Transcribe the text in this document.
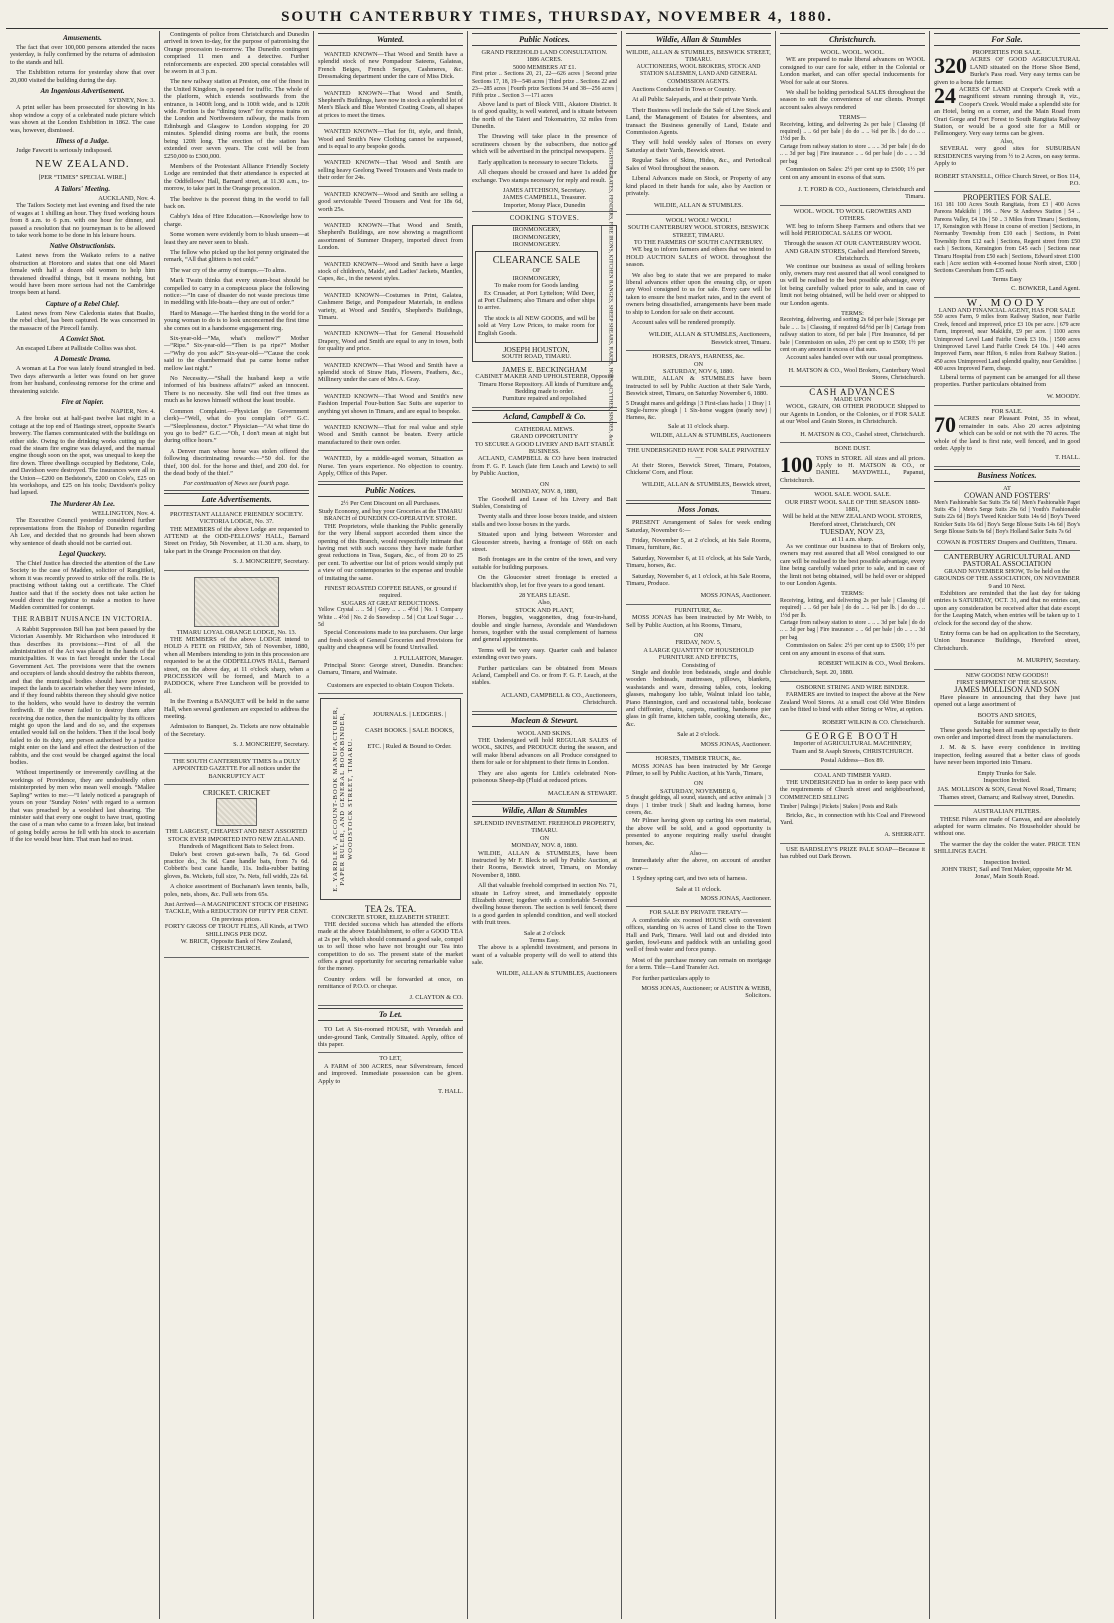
SOUTH CANTERBURY TIMES, THURSDAY, NOVEMBER 4, 1880.
Amusements.

The fact that over 100,000 persons attended the races yesterday, is fully confirmed by the returns of admission to the stands and hill.

The Exhibition returns for yesterday show that over 20,000 visited the building during the day.

An Ingenious Advertisement.
SYDNEY, Nov. 3.

A print seller has been prosecuted for showing in his shop window a copy of a celebrated nude picture which was shown at the London Exhibition in 1862. The case was, however, dismissed.

Illness of a Judge.

Judge Fawcett is seriously indisposed.

NEW ZEALAND.
[PER “TIMES” SPECIAL WIRE.]
A Tailors' Meeting.
AUCKLAND, Nov. 4.

The Tailors Society met last evening and fixed the rate of wages at 1 shilling an hour. They fixed working hours from 8 a.m. to 6 p.m. with one hour for dinner, and passed a resolution that no journeyman is to be allowed to take work home to be done in his leisure hours.

Native Obstructionists.

Latest news from the Waikato refers to a native obstruction at Horotoro and states that one old Maori female with half a dozen old women to help him threatened dreadful things, but it means nothing, but would have been more serious had not the Cambridge troops been at hand.

Capture of a Rebel Chief.

Latest news from New Caledonia states that Bualio, the rebel chief, has been captured. He was concerned in the massacre of the Pirecell family.

A Convict Shot.

An escaped Libere at Palliside Colliss was shot.

A Domestic Drama.

A woman at La Foe was lately found strangled in bed. Two days afterwards a letter was found on her grave from her husband, confessing remorse for the crime and threatening suicide.

Fire at Napier.
NAPIER, Nov. 4.

A fire broke out at half-past twelve last night in a cottage at the top end of Hastings street, opposite Swan's brewery. The flames communicated with the buildings on either side. Owing to the drinking works cutting up the road the steam fire engine was delayed, and the manual engine though soon on the spot, was unequal to keep the fire down. Three dwellings occupied by Bedstone, Cole, and Davidson were destroyed. The insurances were all in the Union—£200 on Bedstone's, £200 on Cole's, £25 on his workshops, and £25 on his tools; Davidson's policy had lapsed.

The Murderer Ah Lee.
WELLINGTON, Nov. 4.

The Executive Council yesterday considered further representations from the Bishop of Dunedin regarding Ah Lee, and decided that no grounds had been shown why sentence of death should not be carried out.

Legal Quackery.

The Chief Justice has directed the attention of the Law Society to the case of Madden, solicitor of Rangitikei, whom it was recently proved to strike off the rolls. He is practising without taking out a certificate. The Chief Justice said that if the society does not take action he would direct the registrar to make a motion to have Madden committed for contempt.

THE RABBIT NUISANCE IN VICTORIA.

A Rabbit Suppression Bill has just been passed by the Victorian Assembly. Mr Richardson who introduced it thus describes its provisions:—First of all the administration of the Act was placed in the hands of the municipalities. It was in fact brought under the Local Government Act. The provisions were that the owners and occupiers of lands should destroy the rabbits thereon, and that the municipal bodies should have power to inspect the lands to ascertain whether they were infested, and if they found rabbits thereon they should give notice to the holders, who would have to destroy the vermin forthwith. If the owner failed to destroy them after receiving due notice, then the municipality by its officers might go upon the land and do so, and the expenses entailed would fall on the holders. Then if the local body failed to do its duty, any person authorised by a justice might enter on the land and effect the destruction of the rabbits, and the cost would be charged against the local bodies.

Without impertinently or irreverently cavilling at the workings of Providence, they are undoubtedly often misinterpreted by men who mean well enough. “Mallee Sapling” writes to me:—“I lately noticed a paragraph of yours on your ‘Sunday Notes’ with regard to a sermon that was preached by a woolshed last shearing. The minister said that every one ought to have trust, quoting the case of a man who came to a frozen lake, but instead of going boldly across he fell with his stock to ascertain if the ice would bear him. That man had no trust.

Contingents of police from Christchurch and Dunedin arrived in town to-day, for the purpose of patronising the Orange procession to-morrow. The Dunedin contingent comprised 11 men and a detective. Further reinforcements are expected. 200 special constables will be sworn in at 3 p.m.

The new railway station at Preston, one of the finest in the United Kingdom, is opened for traffic. The whole of the platform, which extends southwards from the entrance, is 1400ft long, and is 100ft wide, and is 120ft wide. Portion is the “dining town” for express trains on the London and Northwestern railway, the mails from Edinburgh and Glasgow to London stopping for 20 minutes. Splendid dining rooms are built, the rooms being 120ft long. The erection of the station has extended over seven years. The cost will be from £250,000 to £300,000.

Members of the Protestant Alliance Friendly Society Lodge are reminded that their attendance is expected at the Oddfellows' Hall, Barnard street, at 11.30 a.m., to-morrow, to take part in the Orange procession.

The beehive is the poorest thing in the world to fall back on.

Cabby's Idea of Hire Education.—Knowledge how to charge.

Some women were evidently born to blush unseen—at least they are never seen to blush.

The fellow who picked up the hot penny originated the remark, “All that glitters is not cold.”

The war cry of the army of tramps.—To alms.

Mark Twain thinks that every steam-boat should be compelled to carry in a conspicuous place the following notice:—“In case of disaster do not waste precious time in meddling with life-boats—they are out of order.”

Hard to Manage.—The hardest thing in the world for a young woman to do is to look unconcerned the first time she comes out in a handsome engagement ring.

Six-year-old—“Ma, what's mellow?” Mother—“Ripe.” Six-year-old—“Then is pa ripe?” Mother—“Why do you ask?” Six-year-old—“'Cause the cook said to the chambermaid that pa came home rather mellow last night.”

No Necessity.—“Shall the husband keep a wife informed of his business affairs?” asked an innocent. There is no necessity. She will find out five times as much as he knows himself without the least trouble.

Common Complaint.—Physician (to Government clerk)—“Well, what do you complain of?” G.C.—“Sleeplessness, doctor.” Physician—“At what time do you go to bed?” G.C.—“Oh, I don't mean at night but during office hours.”

A Denver man whose horse was stolen offered the following discriminating rewards:—“50 dol. for the thief, 100 dol. for the horse and thief, and 200 dol. for the dead body of the thief.”

For continuation of News see fourth page.
Late Advertisements.
PROTESTANT ALLIANCE FRIENDLY SOCIETY.
VICTORIA LODGE, No. 37.

THE MEMBERS of the above Lodge are requested to ATTEND at the ODD-FELLOWS' HALL, Barnard Street on Friday, 5th November, at 11.30 a.m. sharp, to take part in the Orange Procession on that day.

S. J. MONCRIEFF, Secretary.
TIMARU LOYAL ORANGE LODGE, No. 13.

THE MEMBERS of the above LODGE intend to HOLD A FETE on FRIDAY, 5th of November, 1880, when all Members intending to join in this procession are requested to be at the ODDFELLOWS HALL, Barnard street, on the above day, at 11 o'clock sharp, when a PROCESSION will be formed, and March to a PADDOCK, where Free Luncheon will be provided to all.

In the Evening a BANQUET will be held in the same Hall, when several gentlemen are expected to address the meeting.

Admission to Banquet, 2s. Tickets are now obtainable of the Secretary.

S. J. MONCRIEFF, Secretary.
THE SOUTH CANTERBURY TIMES Is a DULY APPOINTED GAZETTE For all notices under the BANKRUPTCY ACT
CRICKET. CRICKET
THE LARGEST, CHEAPEST AND BEST ASSORTED STOCK EVER IMPORTED INTO NEW ZEALAND.
Hundreds of Magnificent Bats to Select from.

Duke's best crown gut-sewn balls, 7s 6d. Good practice do., 3s 6d. Cane handle bats, from 7s 6d. Cobbett's best cane handle, 11s. India-rubber batting gloves, 8s. Wickets, full size, 7s. Nets, full width, 22s 6d.

A choice assortment of Buchanan's lawn tennis, balls, poles, nets, shoes, &c. Full sets from 65s.

Just Arrived—A MAGNIFICENT STOCK OF FISHING TACKLE, With a REDUCTION OF FIFTY PER CENT. On previous prices.
FORTY GROSS OF TROUT FLIES, All Kinds, at TWO SHILLINGS PER DOZ.
W. BRICE, Opposite Bank of New Zealand, CHRISTCHURCH.
Wanted.

WANTED KNOWN—That Wood and Smith have a splendid stock of new Pompadour Sateens, Galateas, French Beiges, French Serges, Cashmeres, &c. Dressmaking department under the care of Miss Dick.

WANTED KNOWN—That Wood and Smith, Shepherd's Buildings, have now in stock a splendid lot of Men's Black and Blue Worsted Coating Coats, all shapes at prices to meet the times.

WANTED KNOWN—That for fit, style, and finish, Wood and Smith's New Clothing cannot be surpassed, and is equal to any bespoke goods.

WANTED KNOWN—That Wood and Smith are selling heavy Geelong Tweed Trousers and Vests made to their order for 24s.

WANTED KNOWN—Wood and Smith are selling a good serviceable Tweed Trousers and Vest for 18s 6d, worth 25s.

WANTED KNOWN—That Wood and Smith, Shepherd's Buildings, are now showing a magnificent assortment of Summer Drapery, imported direct from London.

WANTED KNOWN—Wood and Smith have a large stock of children's, Maids', and Ladies' Jackets, Mantles, Capes, &c., in the newest styles.

WANTED KNOWN—Costumes in Print, Galatea, Cashmere Beige, and Pompadour Materials, in endless variety, at Wood and Smith's, Shepherd's Buildings, Timaru.

WANTED KNOWN—That for General Household Drapery, Wood and Smith are equal to any in town, both for quality and price.

WANTED KNOWN—That Wood and Smith have a splendid stock of Straw Hats, Flowers, Feathers, &c., Millinery under the care of Mrs A. Gray.

WANTED KNOWN—That Wood and Smith's new Fashion Imperial Four-button Sac Suits are superior to anything yet shown in Timaru, and are equal to bespoke.

WANTED KNOWN—That for real value and style Wood and Smith cannot be beaten. Every article manufactured to their own order.

WANTED, by a middle-aged woman, Situation as Nurse. Ten years experience. No objection to country. Apply, Office of this Paper.

Public Notices.
2½ Per Cent Discount on all Purchases.
Study Economy, and buy your Groceries at the TIMARU BRANCH of DUNEDIN CO-OPERATIVE STORE.

THE Proprietors, while thanking the Public generally for the very liberal support accorded them since the opening of this Branch, would respectfully intimate that having met with such success they have made further great reductions in Teas, Sugars, &c., of from 20 to 25 per cent. To advertise our list of prices would simply put a view of our contemporaries to the expense and trouble of imitating the same.

FINEST ROASTED COFFEE BEANS, or ground if required.
SUGARS AT GREAT REDUCTIONS.
Yellow Crystal .. .. 5d | Grey .. .. .. 4½d | No. 1 Company White .. 4½d | No. 2 do Snowdrop .. 5d | Cut Loaf Sugar .. .. 5d

Special Concessions made to tea purchasers. Our large and fresh stock of General Groceries and Provisions for quality and cheapness will be found Unrivalled.

J. FULLARTON, Manager.

Principal Store: George street, Dunedin. Branches: Oamaru, Timaru, and Waimate.

Customers are expected to obtain Coupon Tickets.
E. YARDLEY, ACCOUNT-BOOK MANUFACTURER, PAPER RULER, AND GENERAL BOOKBINDER, WOODSTOCK STREET, TIMARU.
JOURNALS. | LEDGERS. | CASH BOOKS. | SALE BOOKS, ETC. | Ruled & Bound to Order.
TEA 2s. TEA.
CONCRETE STORE, ELIZABETH STREET.

THE decided success which has attended the efforts made at the above Establishment, to offer a GOOD TEA at 2s per lb, which should command a good sale, compel us to sell those who have not brought our Tea into competition to do so. The present state of the market offers a great opportunity for securing remarkable value for the money.

Country orders will be forwarded at once, on remittance of P.O.O. or cheque.

J. CLAYTON & CO.
To Let.

TO Let A Six-roomed HOUSE, with Verandah and under-ground Tank, Centrally Situated. Apply, office of this paper.

TO LET,

A FARM of 300 ACRES, near Silverstream, fenced and improved. Immediate possession can be given. Apply to

T. HALL.
Public Notices.
GRAND FREEHOLD LAND CONSULTATION.
1886 ACRES.
5000 MEMBERS AT £1.
First prize .. Sections 20, 21, 22—626 acres | Second prize Sections 17, 18, 19—548 acres | Third prize .. Sections 22 and 23—285 acres | Fourth prize Sections 34 and 38—256 acres | Fifth prize .. Section 3 —171 acres

Above land is part of Block VIII., Akatore District. It is of good quality, is well watered, and is situate between the north of the Taieri and Tokomairiro, 32 miles from Dunedin.

The Drawing will take place in the presence of scrutineers chosen by the subscribers, due notice of which will be advertised in the principal newspapers.

Early application is necessary to secure Tickets.

All cheques should be crossed and have 1s added for exchange. Two stamps necessary for reply and result.

JAMES AITCHISON, Secretary.
JAMES CAMPBELL, Treasurer.
Importer, Moray Place, Dunedin
COOKING STOVES.
IRONMONGERY,
IRONMONGERY,
IRONMONGERY.
CLEARANCE SALE
OF
IRONMONGERY,
To make room for Goods landing

Ex Crusader, at Port Lyttelton; Wild Deer, at Port Chalmers; also Timaru and other ships to arrive.

The stock is all NEW GOODS, and will be sold at Very Low Prices, to make room for English Goods.

JOSEPH HOUSTON,
SOUTH ROAD, TIMARU.	REGISTER GRATES, FENDERS, FIRE IRONS, KITCHEN RANGES, SHEEP SHEARS, RAKES, HOES, SCYTHES, SPADES, &c.
JAMES E. BECKINGHAM
CABINET MAKER AND UPHOLSTERER, Opposite Timaru Horse Repository. All kinds of Furniture and Bedding made to order.
Furniture repaired and repolished
Acland, Campbell & Co.
CATHEDRAL MEWS.
GRAND OPPORTUNITY
TO SECURE A GOOD LIVERY AND BAIT STABLE BUSINESS.

ACLAND, CAMPBELL & CO have been instructed from F. G. F. Leach (late firm Leach and Lewis) to sell by Public Auction,

ON
MONDAY, NOV. 8, 1880,

The Goodwill and Lease of his Livery and Bait Stables, Consisting of

Twenty stalls and three loose boxes inside, and sixteen stalls and two loose boxes in the yards.

Situated upon and lying between Worcester and Gloucester streets, having a frontage of 66ft on each street.

Both frontages are in the centre of the town, and very suitable for building purposes.

On the Gloucester street frontage is erected a blacksmith's shop, let for five years to a good tenant.

28 YEARS LEASE.
Also,
STOCK AND PLANT,

Horses, buggies, waggonettes, drag four-in-hand, double and single harness, Avondale and Wandsdown horses, together with the usual complement of harness and general appointments.

Terms will be very easy. Quarter cash and balance extending over two years.

Further particulars can be obtained from Messrs Acland, Campbell and Co. or from F. G. F. Leach, at the stables.

ACLAND, CAMPBELL & CO., Auctioneers, Christchurch.
Maclean & Stewart.
WOOL AND SKINS.

THE Undersigned will hold REGULAR SALES of WOOL, SKINS, and PRODUCE during the season, and will make liberal advances on all Produce consigned to them for sale or for shipment to their firms in London.

They are also agents for Little's celebrated Non-poisonous Sheep-dip (Fluid at reduced prices.

MACLEAN & STEWART.
Wildie, Allan & Stumbles
SPLENDID INVESTMENT. FREEHOLD PROPERTY, TIMARU.
ON
MONDAY, NOV. 8, 1880.

WILDIE, ALLAN & STUMBLES, have been instructed by Mr F. Bleck to sell by Public Auction, at their Rooms, Beswick street, Timaru, on Monday November 8, 1880.

All that valuable freehold comprised in section No. 71, situate in Lefroy street, and immediately opposite Elizabeth street; together with a comfortable 5-roomed dwelling house thereon. The section is well fenced; there is a good garden in splendid condition, and well stocked with fruit trees.

Sale at 2 o'clock
Terms Easy.

The above is a splendid investment, and persons in want of a valuable property will do well to attend this sale.

WILDIE, ALLAN & STUMBLES, Auctioneers
Wildie, Allan & Stumbles
WILDIE, ALLAN & STUMBLES, BESWICK STREET, TIMARU.
AUCTIONEERS, WOOL BROKERS, STOCK AND STATION SALESMEN, LAND AND GENERAL COMMISSION AGENTS.

Auctions Conducted in Town or Country.

At all Public Saleyards, and at their private Yards.

Their Business will include the Sale of Live Stock and Land, the Management of Estates for absentees, and transact the Business generally of Land, Estate and Commission Agents.

They will hold weekly sales of Horses on every Saturday at their Yards, Beswick street.

Regular Sales of Skins, Hides, &c., and Periodical Sales of Wool throughout the season.

Liberal Advances made on Stock, or Property of any kind placed in their hands for sale, also by Auction or privately.

WILDIE, ALLAN & STUMBLES.
WOOL! WOOL! WOOL!
SOUTH CANTERBURY WOOL STORES, BESWICK STREET, TIMARU.
TO THE FARMERS OF SOUTH CANTERBURY.

WE beg to inform farmers and others that we intend to HOLD AUCTION SALES of WOOL throughout the season.

We also beg to state that we are prepared to make liberal advances either upon the ensuing clip, or upon any Wool consigned to us for sale. Every care will be taken to ensure the best market rates, and in the event of owners being dissatisfied, arrangements have been made to ship to London for sale on their account.

Account sales will be rendered promptly.

WILDIE, ALLAN & STUMBLES, Auctioneers, Beswick street, Timaru.
HORSES, DRAYS, HARNESS, &c.
ON
SATURDAY, NOV 6, 1880.

WILDIE, ALLAN & STUMBLES have been instructed to sell by Public Auction at their Sale Yards, Beswick street, Timaru, on Saturday November 6, 1880.

5 Draught mares and geldings | 3 First-class hacks | 1 Dray | 1 Single-furrow plough | 1 Six-horse waggon (nearly new) | Harness, &c.
Sale at 11 o'clock sharp.
WILDIE, ALLAN & STUMBLES, Auctioneers
THE UNDERSIGNED HAVE FOR SALE PRIVATELY—

At their Stores, Beswick Street, Timaru, Potatoes, Chickens' Corn, and Flour.

WILDIE, ALLAN & STUMBLES, Beswick street, Timaru.
Moss Jonas.

PRESENT Arrangement of Sales for week ending Saturday, November 6:—

Friday, November 5, at 2 o'clock, at his Sale Rooms, Timaru, furniture, &c.

Saturday, November 6, at 11 o'clock, at his Sale Yards, Timaru, horses, &c.

Saturday, November 6, at 1 o'clock, at his Sale Rooms, Timaru, Produce.

MOSS JONAS, Auctioneer.
FURNITURE, &c.

MOSS JONAS has been instructed by Mr Webb, to Sell by Public Auction, at his Rooms, Timaru,

ON
FRIDAY, NOV. 5,
A LARGE QUANTITY OF HOUSEHOLD FURNITURE AND EFFECTS,
Consisting of

Single and double iron bedsteads, single and double wooden bedsteads, mattresses, pillows, blankets, washstands and ware, dressing tables, cots, looking glasses, mahogany loo table, Walnut inlaid loo table, Piano Hannington, card and occasional table, bookcase and chiffonier, chairs, carpets, matting, handsome pier glass in gilt frame, kitchen table, cooking utensils, &c., &c.

Sale at 2 o'clock.
MOSS JONAS, Auctioneer.
HORSES, TIMBER TRUCK, &c.

MOSS JONAS has been instructed by Mr George Pilmer, to sell by Public Auction, at his Yards, Timaru,

ON
SATURDAY, NOVEMBER 6,
5 draught geldings, all sound, staunch, and active animals | 3 drays | 1 timber truck | Shaft and leading harness, horse covers, &c.

Mr Pilmer having given up carting his own material, the above will be sold, and a good opportunity is presented to anyone requiring really useful draught horses, &c.

Also—

Immediately after the above, on account of another owner—

1 Sydney spring cart, and two sets of harness.

Sale at 11 o'clock.
MOSS JONAS, Auctioneer.
FOR SALE BY PRIVATE TREATY—

A comfortable six roomed HOUSE with convenient offices, standing on ¼ acres of Land close to the Town Hall and Park, Timaru. Well laid out and divided into garden, fowl-runs and paddock with an unfailing good well of fresh water and force pump.

Most of the purchase money can remain on mortgage for a term. Title—Land Transfer Act.

For further particulars apply to

MOSS JONAS, Auctioneer; or AUSTIN & WEBB, Solicitors.
Christchurch.
WOOL. WOOL. WOOL.

WE are prepared to make liberal advances on WOOL consigned to our care for sale, either in the Colonial or London market, and can offer special inducements for Wool for sale at our Stores.

We shall be holding periodical SALES throughout the season to suit the convenience of our clients. Prompt account sales always rendered

TERMS—
Receiving, lotting, and delivering 2s per bale | Classing (if required) .. .. 6d per bale | do do .. .. ¼d per lb. | do do .. .. 1½d per lb.
Cartage from railway station to store .. .. .. 3d per bale | do do .. .. 3d per bag | Fire insurance .. .. 6d per bale | do .. .. .. 3d per bag

Commission on Sales: 2½ per cent up to £500; 1½ per cent on any amount in excess of that sum.

J. T. FORD & CO., Auctioneers, Christchurch and Timaru.
WOOL. WOOL TO WOOL GROWERS AND OTHERS.

WE beg to inform Sheep Farmers and others that we will hold PERIODICAL SALES OF WOOL

Through the season AT OUR CANTERBURY WOOL AND GRAIN STORES, Cashel and Hereford Streets, Christchurch.

We continue our business as usual of selling brokers only, owners may rest assured that all wool consigned to us will be realised to the best possible advantage, every lot being carefully valued prior to sale, and in case of limit not being obtained, will be held over or shipped to our London agents.

TERMS:
Receiving, delivering, and sorting 2s 6d per bale | Storage per bale .. .. 1s | Classing, if required 6d/½d per lb | Cartage from railway station to store, 6d per bale | Fire Insurance, 6d per bale | Commission on sales, 2½ per cent up to £500; 1½ per cent on any amount in excess of that sum.

Account sales handed over with our usual promptness.

H. MATSON & CO., Wool Brokers, Canterbury Wool Stores, Christchurch.
CASH ADVANCES
MADE UPON

WOOL, GRAIN, OR OTHER PRODUCE Shipped to our Agents in London, or the Colonies, or if FOR SALE at our Wool and Grain Stores, in Christchurch.

H. MATSON & CO., Cashel street, Christchurch.
BONE DUST.
100 TONS in STORE. All sizes and all prices. Apply to H. MATSON & CO., or DANIEL MAYDWELL, Papanui, Christchurch.
WOOL SALE. WOOL SALE.
OUR FIRST WOOL SALE OF THE SEASON 1880-1881,
Will be held at the NEW ZEALAND WOOL STORES, Hereford street, Christchurch, ON
TUESDAY, NOV 23,
at 11 a.m. sharp.

As we continue our business to that of Brokers only, owners may rest assured that all Wool consigned to our care will be realised to the best possible advantage, every line being carefully valued prior to sale, and in case of the limit not being obtained, will be held over or shipped to our London Agents.

TERMS:
Receiving, lotting, and delivering 2s per bale | Classing (if required) .. .. 6d per bale | do do .. .. ¼d per lb. | do do .. .. 1½d per lb.
Cartage from railway station to store .. .. .. 3d per bale | do do .. .. 3d per bag | Fire insurance .. .. 6d per bale | do .. .. .. 3d per bag

Commission on Sales: 2½ per cent up to £500; 1½ per cent on any amount in excess of that sum.

ROBERT WILKIN & CO., Wool Brokers.
Christchurch, Sept. 20, 1880.
OSBORNE STRING AND WIRE BINDER.

FARMERS are invited to inspect the above at the New Zealand Wool Stores. At a small cost Old Wire Binders can be fitted to bind with either String or Wire, at option.

ROBERT WILKIN & CO. Christchurch.
GEORGE BOOTH
Importer of AGRICULTURAL MACHINERY,
Tuam and St Asaph Streets, CHRISTCHURCH.
Postal Address—Box 89.
COAL AND TIMBER YARD.

THE UNDERSIGNED has in order to keep pace with the requirements of Church street and neighbourhood, COMMENCED SELLING

Timber | Palings | Pickets | Stakes | Posts and Rails

Bricks, &c., in connection with his Coal and Firewood Yard.

A. SHERRATT.

USE BARDSLEY'S PRIZE PALE SOAP—Because it has rubbed out Dark Brown.

For Sale.
PROPERTIES FOR SALE.
320 ACRES OF GOOD AGRICULTURAL LAND situated on the Horse Shoe Bend, Burke's Pass road. Very easy terms can be given to a bona fide farmer.
24 ACRES OF LAND at Cooper's Creek with a magnificent stream running through it, viz., Cooper's Creek. Would make a splendid site for an Hotel, being on a corner, and the Main Road from Orari Gorge and Fort Forest to South Rangitata Railway Station, or would be a good site for a Mill or Fellmongery. Very easy terms can be given.
Also,

SEVERAL very good sites for SUBURBAN RESIDENCES varying from ½ to 2 Acres, on easy terms. Apply to

ROBERT STANSELL, Office Church Street, or Box 114, P.O.
PROPERTIES FOR SALE.
161 181 100 Acres South Rangitata, from £3 | 400 Acres Pareora Makikihi | 196 .. New St Andrews Station | 54 .. Pareora Valley, £4 10s | 50 .. 3 Miles from Timaru | Sections, 17, Kensington with House in course of erection | Sections, in Normanby Township from £10 each | Sections, in Point Township from £12 each | Sections, Regent street from £50 each | Sections, Kensington from £45 each | Sections near Timaru Hospital from £50 each | Sections, Edward street £100 each | Acre section with 4-roomed house North street, £300 | Sections Caversham from £35 each.
Terms Easy
C. BOWKER, Land Agent.
W. MOODY
LAND AND FINANCIAL AGENT, HAS FOR SALE
550 acres Farm, 9 miles from Railway Station, near Fairlie Creek, fenced and improved, price £3 10s per acre. | 679 acre Farm, improved, near Makikihi, £9 per acre. | 1100 acres Unimproved Level Land Fairlie Creek £3 10s. | 1500 acres Unimproved Level Land Fairlie Creek £4 10s. | 440 acres Improved Farm, near Hilton, 6 miles from Railway Station. | 450 acres Unimproved Land splendid quality, near Geraldine. | 400 acres Improved Farm, cheap.

Liberal terms of payment can be arranged for all these properties. Further particulars obtained from

W. MOODY.
FOR SALE.
70 ACRES near Pleasant Point, 35 in wheat, remainder in oats. Also 20 acres adjoining which can be sold or not with the 70 acres. The whole of the land is first rate, well fenced, and in good order. Apply to
T. HALL.
Business Notices.
AT
COWAN AND FOSTERS'
Men's Fashionable Sac Suits 35s 6d | Men's Fashionable Paget Suits 45s | Men's Serge Suits 29s 6d | Youth's Fashionable Suits 22s 6d | Boy's Tweed Knicker Suits 14s 6d | Boy's Tweed Knicker Suits 16s 6d | Boy's Serge Blouse Suits 14s 6d | Boy's Serge Blouse Suits 9s 6d | Boy's Holland Sailor Suits 7s 6d
COWAN & FOSTERS' Drapers and Outfitters, Timaru.
CANTERBURY AGRICULTURAL AND PASTORAL ASSOCIATION
GRAND NOVEMBER SHOW, To be held on the GROUNDS OF THE ASSOCIATION, ON NOVEMBER 9 and 10 Next.

Exhibitors are reminded that the last day for taking entries is SATURDAY, OCT. 31, and that no entries can, upon any consideration be received after that date except for the Leaping Match, when entries will be taken up to 1 o'clock for the second day of the show.

Entry forms can be had on application to the Secretary, Union Insurance Buildings, Hereford street, Christchurch.

M. MURPHY, Secretary.
NEW GOODS! NEW GOODS!!
FIRST SHIPMENT OF THE SEASON.
JAMES MOLLISON AND SON

Have pleasure in announcing that they have just opened out a large assortment of

BOOTS AND SHOES,
Suitable for summer wear,

These goods having been all made up specially to their own order and imported direct from the manufacturers.

J. M. & S. have every confidence in inviting inspection, feeling assured that a better class of goods have never been imported into Timaru.

Empty Trunks for Sale.
Inspection Invited.
JAS. MOLLISON & SON, Great Novel Road, Timaru; Thames street, Oamaru; and Railway street, Dunedin.
AUSTRALIAN FILTERS.

THESE Filters are made of Canvas, and are absolutely adapted for warm climates. No Householder should be without one.

The warmer the day the colder the water. PRICE TEN SHILLINGS EACH.

Inspection Invited.
JOHN TRIST, Sail and Tent Maker, opposite Mr M. Jonas', Main South Road.
